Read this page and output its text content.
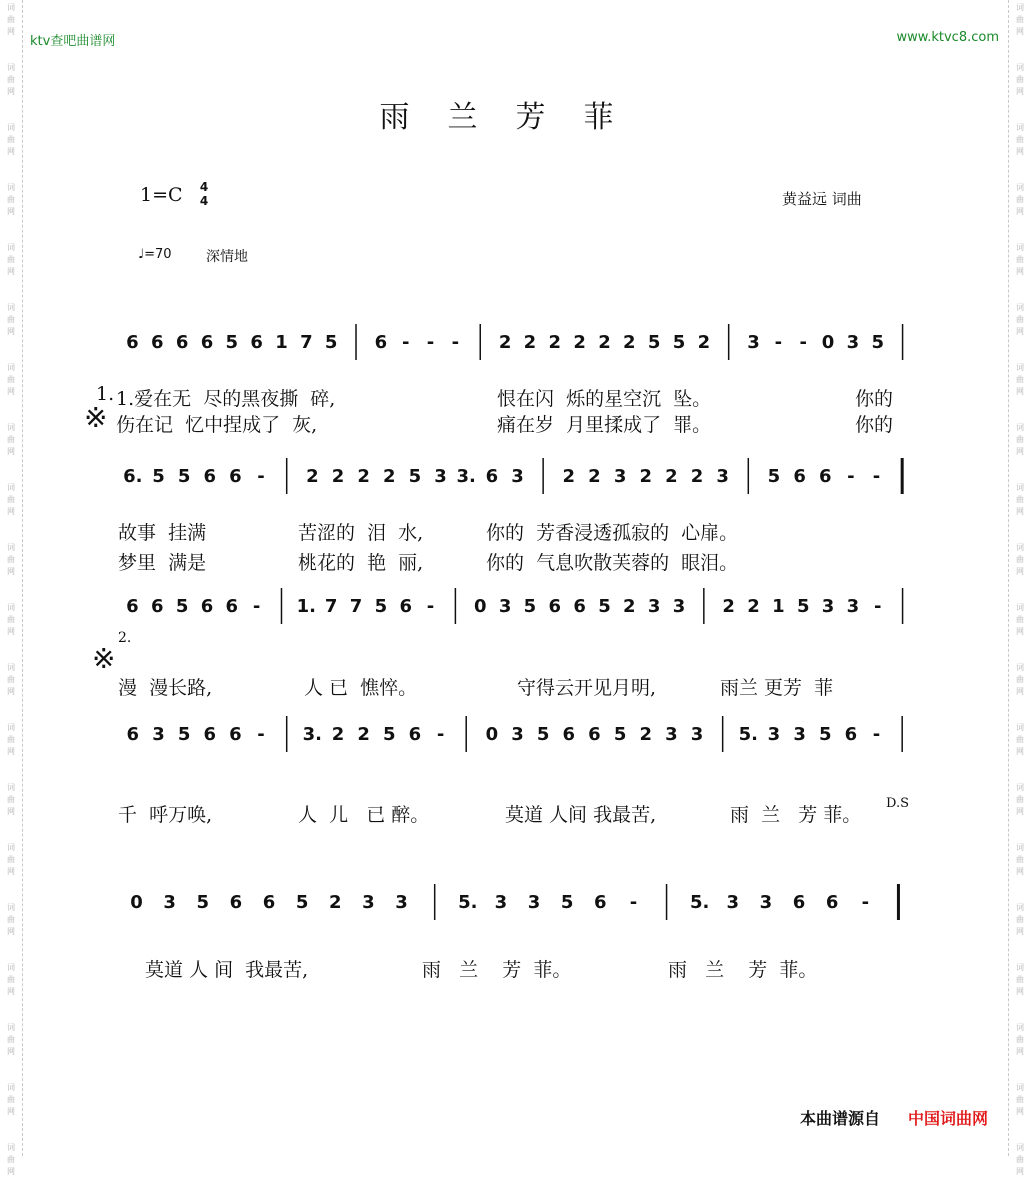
词
曲
网
词
曲
网
词
曲
网
词
曲
网
词
曲
网
词
曲
网
词
曲
网
词
曲
网
词
曲
网
词
曲
网
词
曲
网
词
曲
网
词
曲
网
词
曲
网
词
曲
网
词
曲
网
词
曲
网
词
曲
网
词
曲
网
词
曲
网
词
曲
网
词
曲
网
词
曲
网
词
曲
网
词
曲
网
词
曲
网
词
曲
网
词
曲
网
词
曲
网
词
曲
网
词
曲
网
词
曲
网
词
曲
网
词
曲
网
词
曲
网
词
曲
网
词
曲
网
词
曲
网
词
曲
网
词
曲
网
ktv查吧曲谱网	www.ktvc8.com
雨兰芳菲
1=C 4
4	黄益远 词曲
♩=70 深情地
6 6 6 6 5 6 1 7 5 6 - - - 2 2 2 2 2 2 5 5 2 3 - - 0 3 5
6. 5 5 6 6 - 2 2 2 2 5 3 3. 6 3 2 2 3 2 2 2 3 5 6 6 - -
6 6 5 6 6 - 1. 7 7 5 6 - 0 3 5 6 6 5 2 3 3 2 2 1 5 3 3 -
6 3 5 6 6 - 3. 2 2 5 6 - 0 3 5 6 6 5 2 3 3 5. 3 3 5 6 -
0 3 5 6 6 5 2 3 3	5. 3 3 5 6 -	5. 3 3 6 6 -
1.
※
※
2.
1.爱在无  尽的黑夜撕  碎,	恨在闪  烁的星空沉  坠。	你的
伤在记  忆中捏成了  灰,	痛在岁  月里揉成了  罪。	你的
故事  挂满	苦涩的  泪  水,	你的  芳香浸透孤寂的  心扉。
梦里  满是	桃花的  艳  丽,	你的  气息吹散芙蓉的  眼泪。
漫  漫长路,	人 已  憔悴。	守得云开见月明,	雨兰 更芳  菲
千  呼万唤,	人  儿   已 醉。	莫道 人间 我最苦,	雨  兰   芳 菲。
D.S
莫道 人 间  我最苦,	雨   兰    芳  菲。	雨   兰    芳  菲。
本曲谱源自 中国词曲网
